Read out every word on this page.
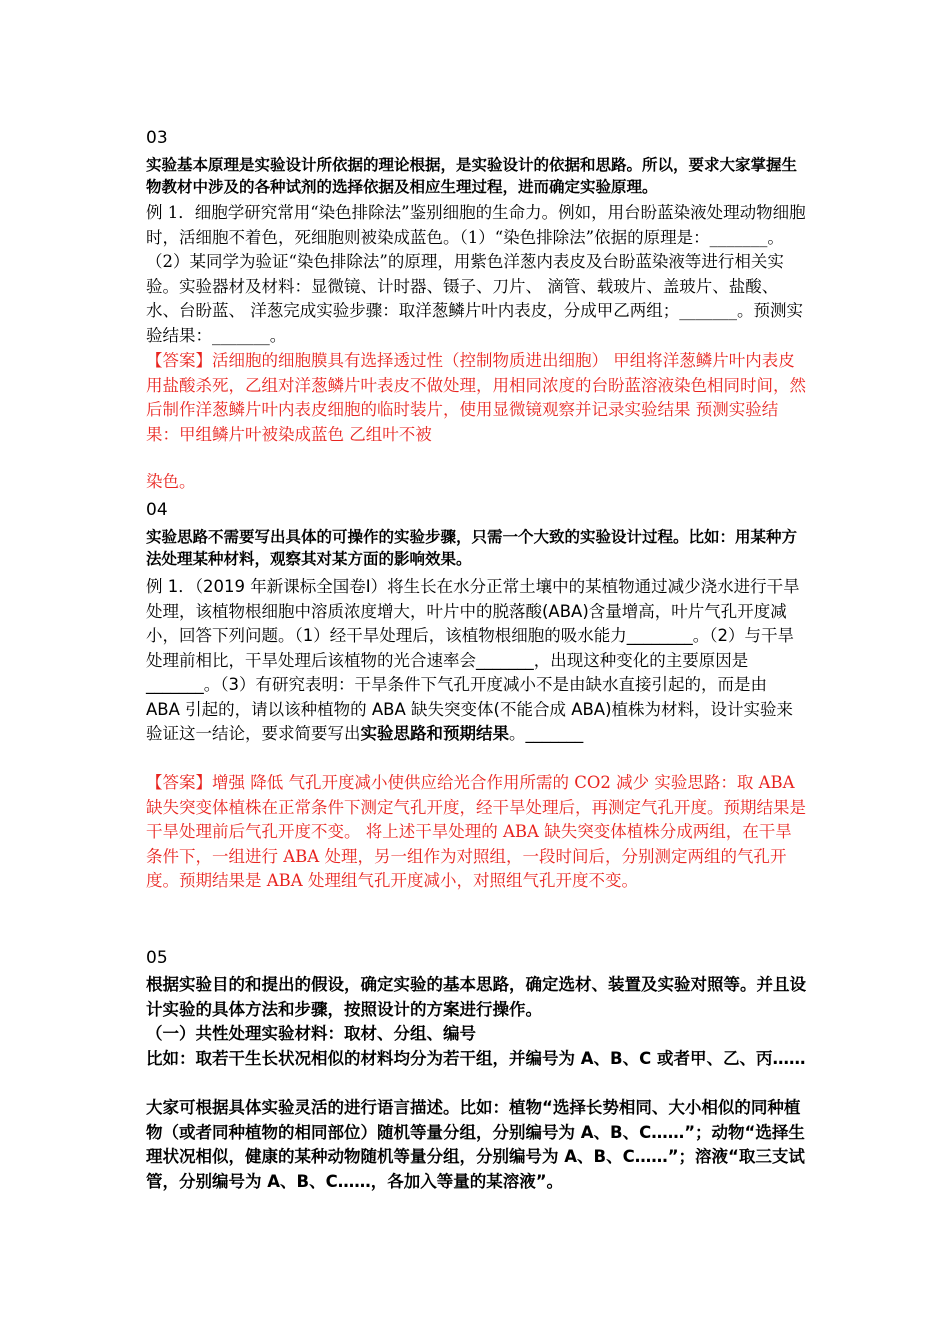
03

实验基本原理是实验设计所依据的理论根据，是实验设计的依据和思路。所以，要求大家掌握生物教材中涉及的各种试剂的选择依据及相应生理过程，进而确定实验原理。

例 1．细胞学研究常用“染色排除法”鉴别细胞的生命力。例如，用台盼蓝染液处理动物细胞时，活细胞不着色，死细胞则被染成蓝色。（1）“染色排除法”依据的原理是：_______。（2）某同学为验证“染色排除法”的原理，用紫色洋葱内表皮及台盼蓝染液等进行相关实验。实验器材及材料：显微镜、计时器、镊子、刀片、 滴管、载玻片、盖玻片、盐酸、水、台盼蓝、 洋葱完成实验步骤：取洋葱鳞片叶内表皮，分成甲乙两组；_______。预测实验结果：_______。

【答案】活细胞的细胞膜具有选择透过性（控制物质进出细胞） 甲组将洋葱鳞片叶内表皮用盐酸杀死，乙组对洋葱鳞片叶表皮不做处理，用相同浓度的台盼蓝溶液染色相同时间，然后制作洋葱鳞片叶内表皮细胞的临时装片，使用显微镜观察并记录实验结果 预测实验结果：甲组鳞片叶被染成蓝色 乙组叶不被

染色。

04

实验思路不需要写出具体的可操作的实验步骤，只需一个大致的实验设计过程。比如：用某种方法处理某种材料，观察其对某方面的影响效果。

例 1．（2019 年新课标全国卷Ⅰ）将生长在水分正常土壤中的某植物通过减少浇水进行干旱处理，该植物根细胞中溶质浓度增大，叶片中的脱落酸(ABA)含量增高，叶片气孔开度减小，回答下列问题。（1）经干旱处理后，该植物根细胞的吸水能力________。（2）与干旱处理前相比，干旱处理后该植物的光合速率会_______，出现这种变化的主要原因是_______。（3）有研究表明：干旱条件下气孔开度减小不是由缺水直接引起的，而是由 ABA 引起的，请以该种植物的 ABA 缺失突变体(不能合成 ABA)植株为材料，设计实验来验证这一结论，要求简要写出实验思路和预期结果。_______

【答案】增强 降低 气孔开度减小使供应给光合作用所需的 CO2 减少 实验思路：取 ABA 缺失突变体植株在正常条件下测定气孔开度，经干旱处理后，再测定气孔开度。预期结果是干旱处理前后气孔开度不变。 将上述干旱处理的 ABA 缺失突变体植株分成两组，在干旱条件下，一组进行 ABA 处理，另一组作为对照组，一段时间后，分别测定两组的气孔开度。预期结果是 ABA 处理组气孔开度减小，对照组气孔开度不变。

05

根据实验目的和提出的假设，确定实验的基本思路，确定选材、装置及实验对照等。并且设计实验的具体方法和步骤，按照设计的方案进行操作。

（一）共性处理实验材料：取材、分组、编号

比如：取若干生长状况相似的材料均分为若干组，并编号为 A、B、C 或者甲、乙、丙……

大家可根据具体实验灵活的进行语言描述。比如：植物“选择长势相同、大小相似的同种植物（或者同种植物的相同部位）随机等量分组，分别编号为 A、B、C……”；动物“选择生理状况相似，健康的某种动物随机等量分组，分别编号为 A、B、C……”；溶液“取三支试管，分别编号为 A、B、C……，各加入等量的某溶液”。
